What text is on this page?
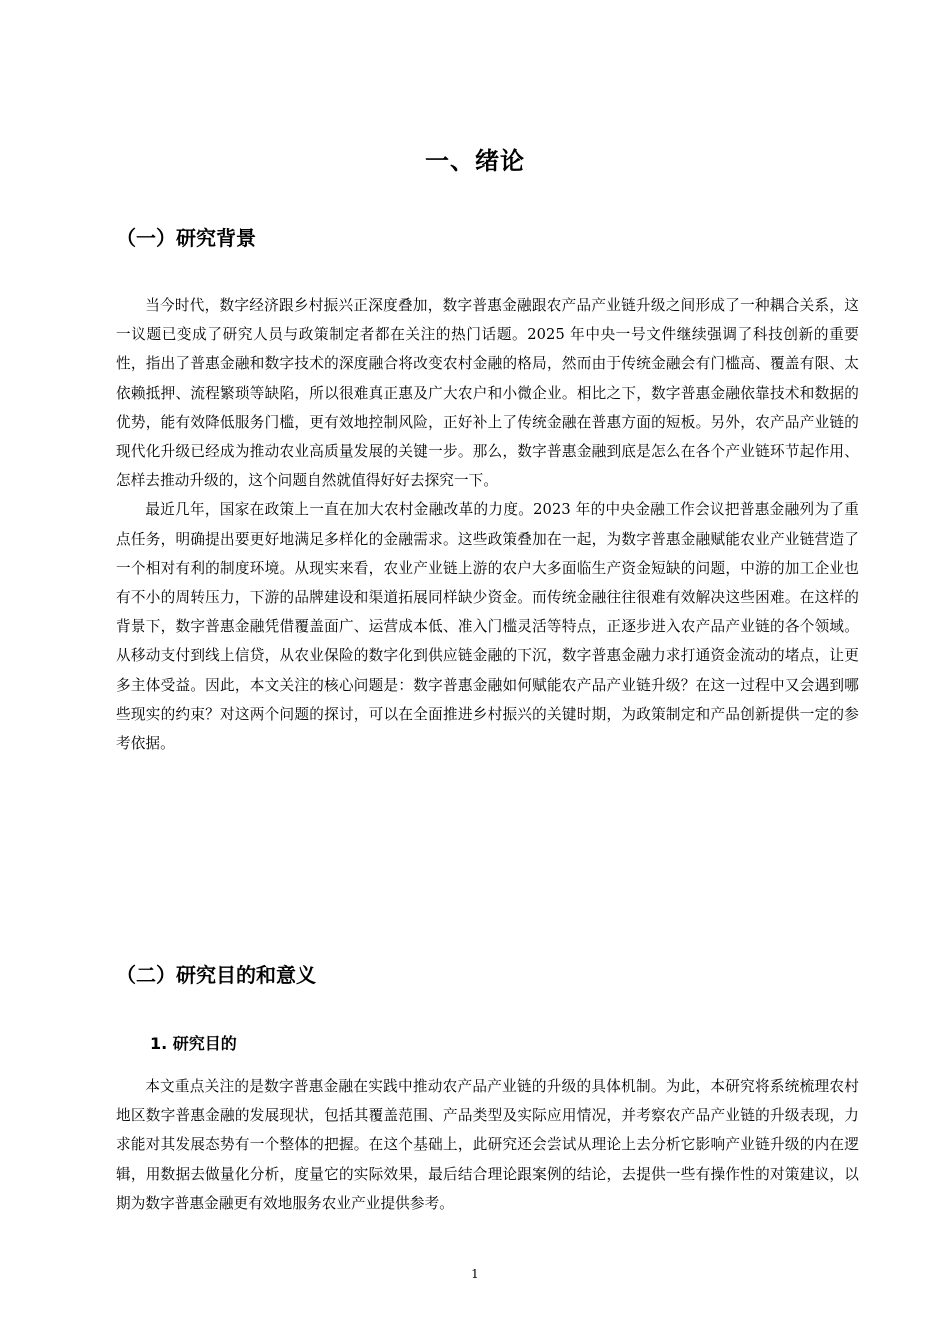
一、绪论
（一）研究背景

当今时代，数字经济跟乡村振兴正深度叠加，数字普惠金融跟农产品产业链升级之间形成了一种耦合关系，这一议题已变成了研究人员与政策制定者都在关注的热门话题。2025 年中央一号文件继续强调了科技创新的重要性，指出了普惠金融和数字技术的深度融合将改变农村金融的格局，然而由于传统金融会有门槛高、覆盖有限、太依赖抵押、流程繁琐等缺陷，所以很难真正惠及广大农户和小微企业。相比之下，数字普惠金融依靠技术和数据的优势，能有效降低服务门槛，更有效地控制风险，正好补上了传统金融在普惠方面的短板。另外，农产品产业链的现代化升级已经成为推动农业高质量发展的关键一步。那么，数字普惠金融到底是怎么在各个产业链环节起作用、怎样去推动升级的，这个问题自然就值得好好去探究一下。

最近几年，国家在政策上一直在加大农村金融改革的力度。2023 年的中央金融工作会议把普惠金融列为了重点任务，明确提出要更好地满足多样化的金融需求。这些政策叠加在一起，为数字普惠金融赋能农业产业链营造了一个相对有利的制度环境。从现实来看，农业产业链上游的农户大多面临生产资金短缺的问题，中游的加工企业也有不小的周转压力，下游的品牌建设和渠道拓展同样缺少资金。而传统金融往往很难有效解决这些困难。在这样的背景下，数字普惠金融凭借覆盖面广、运营成本低、准入门槛灵活等特点，正逐步进入农产品产业链的各个领域。从移动支付到线上信贷，从农业保险的数字化到供应链金融的下沉，数字普惠金融力求打通资金流动的堵点，让更多主体受益。因此，本文关注的核心问题是：数字普惠金融如何赋能农产品产业链升级？在这一过程中又会遇到哪些现实的约束？对这两个问题的探讨，可以在全面推进乡村振兴的关键时期，为政策制定和产品创新提供一定的参考依据。

（二）研究目的和意义
1. 研究目的

本文重点关注的是数字普惠金融在实践中推动农产品产业链的升级的具体机制。为此，本研究将系统梳理农村地区数字普惠金融的发展现状，包括其覆盖范围、产品类型及实际应用情况，并考察农产品产业链的升级表现，力求能对其发展态势有一个整体的把握。在这个基础上，此研究还会尝试从理论上去分析它影响产业链升级的内在逻辑，用数据去做量化分析，度量它的实际效果，最后结合理论跟案例的结论，去提供一些有操作性的对策建议，以期为数字普惠金融更有效地服务农业产业提供参考。

1
